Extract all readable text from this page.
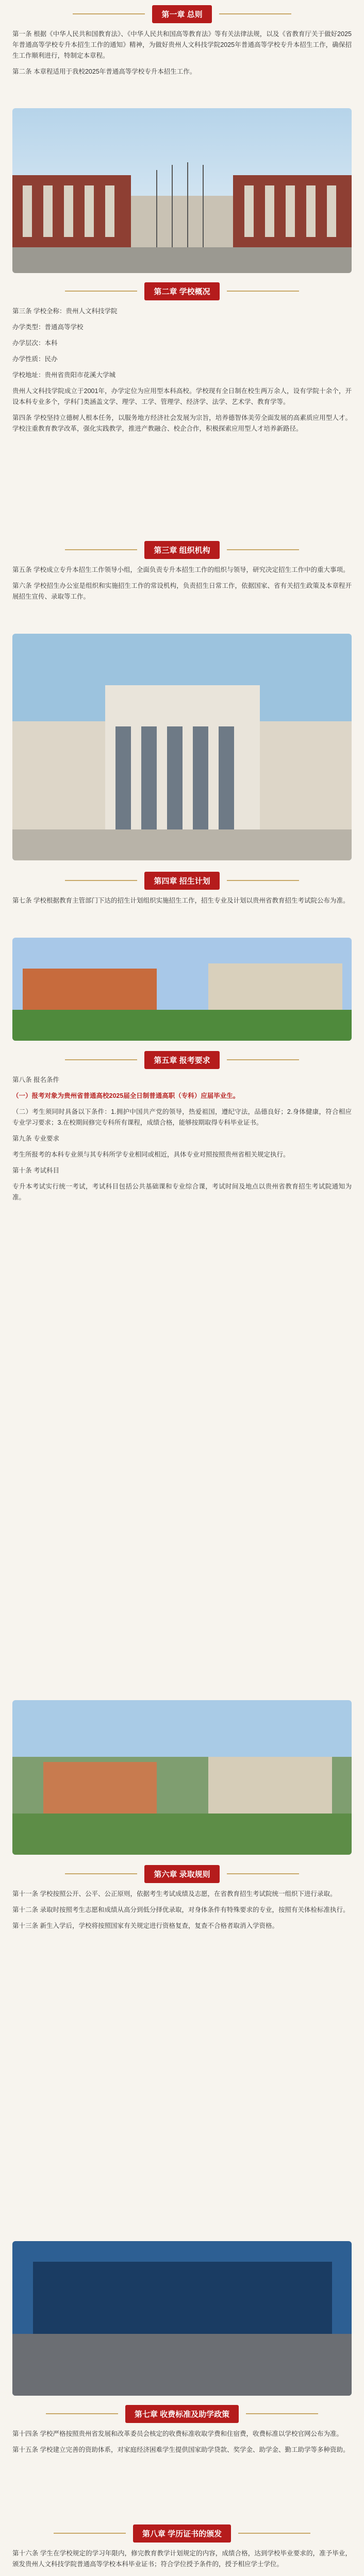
第一章 总则

第一条 根据《中华人民共和国教育法》、《中华人民共和国高等教育法》等有关法律法规，以及《省教育厅关于做好2025年普通高等学校专升本招生工作的通知》精神，为做好贵州人文科技学院2025年普通高等学校专升本招生工作，确保招生工作顺利进行，特制定本章程。

第二条 本章程适用于我校2025年普通高等学校专升本招生工作。

第二章 学校概况

第三条 学校全称：贵州人文科技学院

办学类型：普通高等学校

办学层次：本科

办学性质：民办

学校地址：贵州省贵阳市花溪大学城

贵州人文科技学院成立于2001年，办学定位为应用型本科高校。学校现有全日制在校生两万余人，设有学院十余个，开设本科专业多个，学科门类涵盖文学、理学、工学、管理学、经济学、法学、艺术学、教育学等。

第四条 学校坚持立德树人根本任务，以服务地方经济社会发展为宗旨，培养德智体美劳全面发展的高素质应用型人才。学校注重教育教学改革，强化实践教学，推进产教融合、校企合作，积极探索应用型人才培养新路径。

第三章 组织机构

第五条 学校成立专升本招生工作领导小组，全面负责专升本招生工作的组织与领导，研究决定招生工作中的重大事项。

第六条 学校招生办公室是组织和实施招生工作的常设机构，负责招生日常工作，依据国家、省有关招生政策及本章程开展招生宣传、录取等工作。

第四章 招生计划

第七条 学校根据教育主管部门下达的招生计划组织实施招生工作，招生专业及计划以贵州省教育招生考试院公布为准。

第五章 报考要求

第八条 报名条件

（一）报考对象为贵州省普通高校2025届全日制普通高职（专科）应届毕业生。

（二）考生须同时具备以下条件：1.拥护中国共产党的领导，热爱祖国，遵纪守法，品德良好；2.身体健康，符合相应专业学习要求；3.在校期间修完专科所有课程，成绩合格，能够按期取得专科毕业证书。

第九条 专业要求

考生所报考的本科专业须与其专科所学专业相同或相近，具体专业对照按照贵州省相关规定执行。

第十条 考试科目

专升本考试实行统一考试，考试科目包括公共基础课和专业综合课，考试时间及地点以贵州省教育招生考试院通知为准。

第六章 录取规则

第十一条 学校按照公开、公平、公正原则，依据考生考试成绩及志愿，在省教育招生考试院统一组织下进行录取。

第十二条 录取时按照考生志愿和成绩从高分到低分择优录取，对身体条件有特殊要求的专业，按照有关体检标准执行。

第十三条 新生入学后，学校将按照国家有关规定进行资格复查，复查不合格者取消入学资格。

第七章 收费标准及助学政策

第十四条 学校严格按照贵州省发展和改革委员会核定的收费标准收取学费和住宿费，收费标准以学校官网公布为准。

第十五条 学校建立完善的资助体系，对家庭经济困难学生提供国家助学贷款、奖学金、助学金、勤工助学等多种资助。

第八章 学历证书的颁发

第十六条 学生在学校规定的学习年限内，修完教育教学计划规定的内容，成绩合格，达到学校毕业要求的，准予毕业，颁发贵州人文科技学院普通高等学校本科毕业证书；符合学位授予条件的，授予相应学士学位。
